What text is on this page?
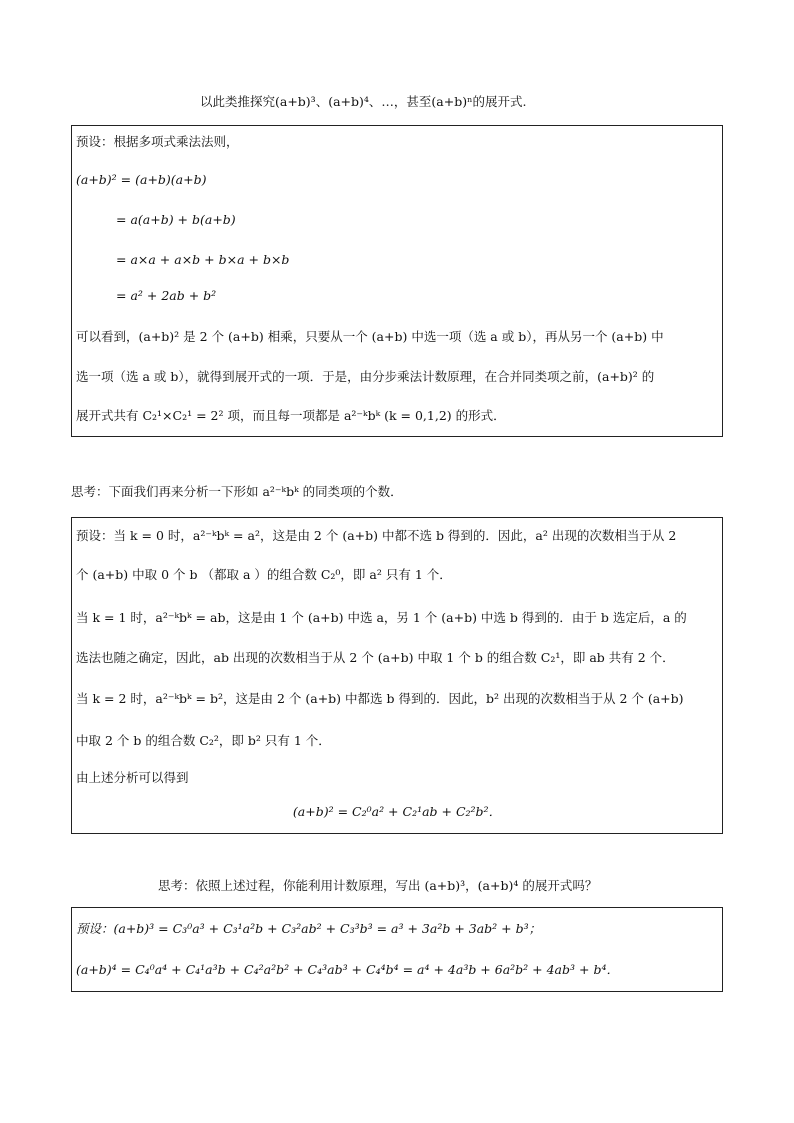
以此类推探究(a+b)³、(a+b)⁴、…，甚至(a+b)ⁿ的展开式.
预设：根据多项式乘法法则，
(a+b)² = (a+b)(a+b)
= a(a+b) + b(a+b)
= a×a + a×b + b×a + b×b
= a² + 2ab + b²
可以看到，(a+b)² 是 2 个 (a+b) 相乘，只要从一个 (a+b) 中选一项（选 a 或 b），再从另一个 (a+b) 中
选一项（选 a 或 b），就得到展开式的一项．于是，由分步乘法计数原理，在合并同类项之前，(a+b)² 的
展开式共有 C₂¹×C₂¹ = 2² 项，而且每一项都是 a²⁻ᵏbᵏ (k = 0,1,2) 的形式．
思考：下面我们再来分析一下形如 a²⁻ᵏbᵏ 的同类项的个数．
预设：当 k = 0 时，a²⁻ᵏbᵏ = a²，这是由 2 个 (a+b) 中都不选 b 得到的．因此，a² 出现的次数相当于从 2
个 (a+b) 中取 0 个 b （都取 a ）的组合数 C₂⁰，即 a² 只有 1 个．
当 k = 1 时，a²⁻ᵏbᵏ = ab，这是由 1 个 (a+b) 中选 a，另 1 个 (a+b) 中选 b 得到的．由于 b 选定后，a 的
选法也随之确定，因此，ab 出现的次数相当于从 2 个 (a+b) 中取 1 个 b 的组合数 C₂¹，即 ab 共有 2 个．
当 k = 2 时，a²⁻ᵏbᵏ = b²，这是由 2 个 (a+b) 中都选 b 得到的．因此，b² 出现的次数相当于从 2 个 (a+b)
中取 2 个 b 的组合数 C₂²，即 b² 只有 1 个．
由上述分析可以得到
(a+b)² = C₂⁰a² + C₂¹ab + C₂²b²．
思考：依照上述过程，你能利用计数原理，写出 (a+b)³，(a+b)⁴ 的展开式吗？
预设：(a+b)³ = C₃⁰a³ + C₃¹a²b + C₃²ab² + C₃³b³ = a³ + 3a²b + 3ab² + b³；
(a+b)⁴ = C₄⁰a⁴ + C₄¹a³b + C₄²a²b² + C₄³ab³ + C₄⁴b⁴ = a⁴ + 4a³b + 6a²b² + 4ab³ + b⁴．
